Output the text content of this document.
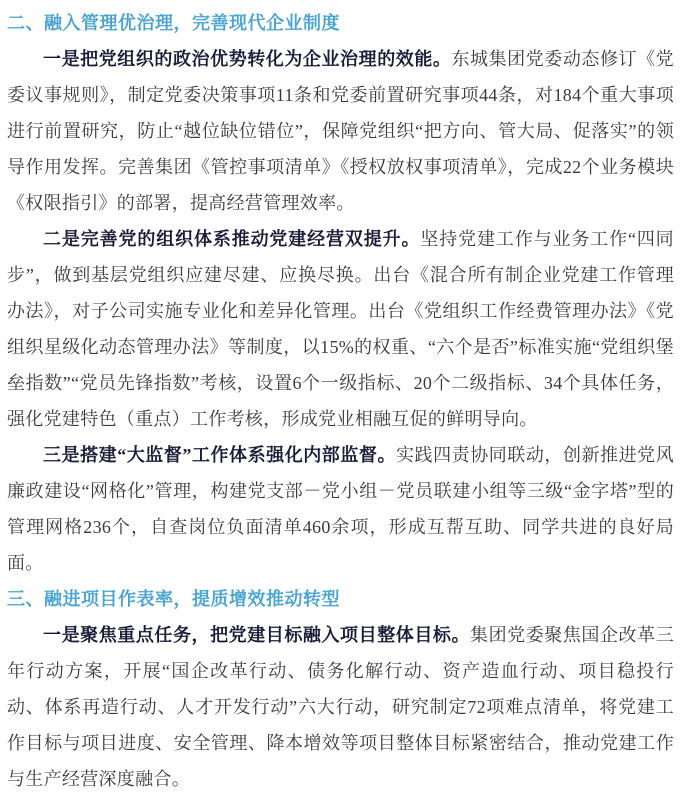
二、融入管理优治理，完善现代企业制度

一是把党组织的政治优势转化为企业治理的效能。东城集团党委动态修订《党委议事规则》，制定党委决策事项11条和党委前置研究事项44条，对184个重大事项进行前置研究，防止“越位缺位错位”，保障党组织“把方向、管大局、促落实”的领导作用发挥。完善集团《管控事项清单》《授权放权事项清单》，完成22个业务模块《权限指引》的部署，提高经营管理效率。

二是完善党的组织体系推动党建经营双提升。坚持党建工作与业务工作“四同步”，做到基层党组织应建尽建、应换尽换。出台《混合所有制企业党建工作管理办法》，对子公司实施专业化和差异化管理。出台《党组织工作经费管理办法》《党组织星级化动态管理办法》等制度，以15%的权重、“六个是否”标准实施“党组织堡垒指数”“党员先锋指数”考核，设置6个一级指标、20个二级指标、34个具体任务，强化党建特色（重点）工作考核，形成党业相融互促的鲜明导向。

三是搭建“大监督”工作体系强化内部监督。实践四责协同联动，创新推进党风廉政建设“网格化”管理，构建党支部－党小组－党员联建小组等三级“金字塔”型的管理网格236个，自查岗位负面清单460余项，形成互帮互助、同学共进的良好局面。

三、融进项目作表率，提质增效推动转型

一是聚焦重点任务，把党建目标融入项目整体目标。集团党委聚焦国企改革三年行动方案，开展“国企改革行动、债务化解行动、资产造血行动、项目稳投行动、体系再造行动、人才开发行动”六大行动，研究制定72项难点清单，将党建工作目标与项目进度、安全管理、降本增效等项目整体目标紧密结合，推动党建工作与生产经营深度融合。
